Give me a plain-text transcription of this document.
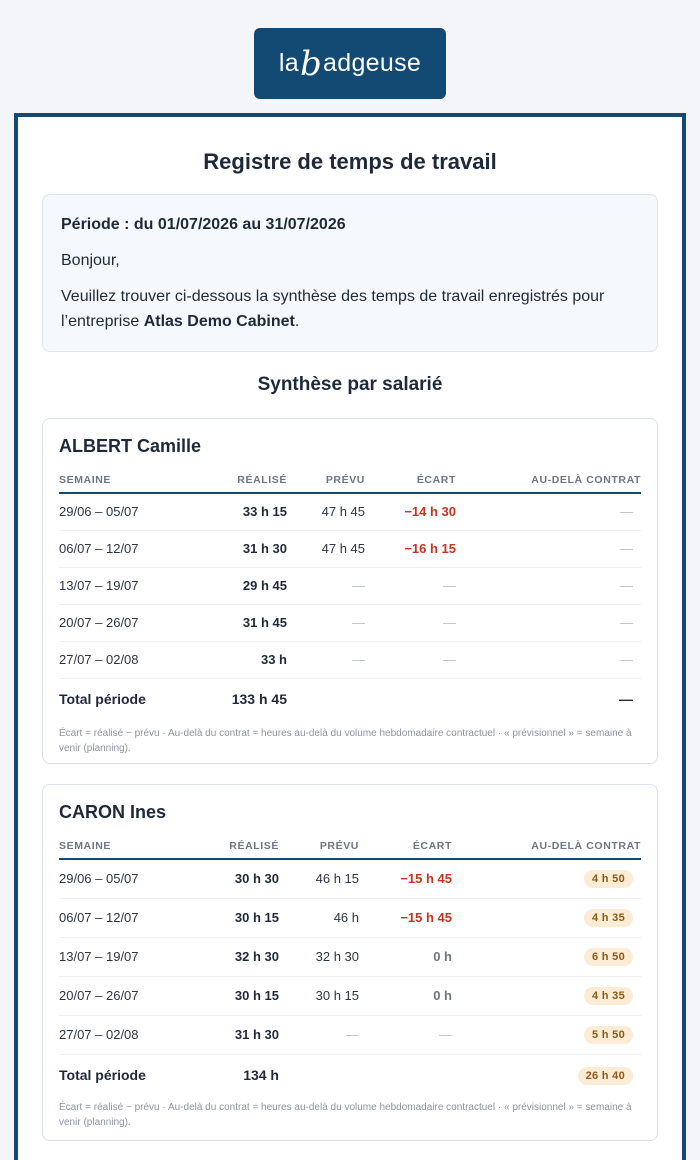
la b adgeuse
Registre de temps de travail
Période : du 01/07/2026 au 31/07/2026
Bonjour,
Veuillez trouver ci-dessous la synthèse des temps de travail enregistrés pour l’entreprise Atlas Demo Cabinet.
Synthèse par salarié
ALBERT Camille
SEMAINE	RÉALISÉ	PRÉVU	ÉCART	AU-DELÀ CONTRAT
29/06 – 05/07	33 h 15	47 h 45	−14 h 30	—
06/07 – 12/07	31 h 30	47 h 45	−16 h 15	—
13/07 – 19/07	29 h 45	—	—	—
20/07 – 26/07	31 h 45	—	—	—
27/07 – 02/08	33 h	—	—	—
Total période	133 h 45			—
Écart = réalisé − prévu · Au-delà du contrat = heures au-delà du volume hebdomadaire contractuel · « prévisionnel » = semaine à venir (planning).
CARON Ines
SEMAINE	RÉALISÉ	PRÉVU	ÉCART	AU-DELÀ CONTRAT
29/06 – 05/07	30 h 30	46 h 15	−15 h 45	4 h 50
06/07 – 12/07	30 h 15	46 h	−15 h 45	4 h 35
13/07 – 19/07	32 h 30	32 h 30	0 h	6 h 50
20/07 – 26/07	30 h 15	30 h 15	0 h	4 h 35
27/07 – 02/08	31 h 30	—	—	5 h 50
Total période	134 h			26 h 40
Écart = réalisé − prévu · Au-delà du contrat = heures au-delà du volume hebdomadaire contractuel · « prévisionnel » = semaine à venir (planning).
